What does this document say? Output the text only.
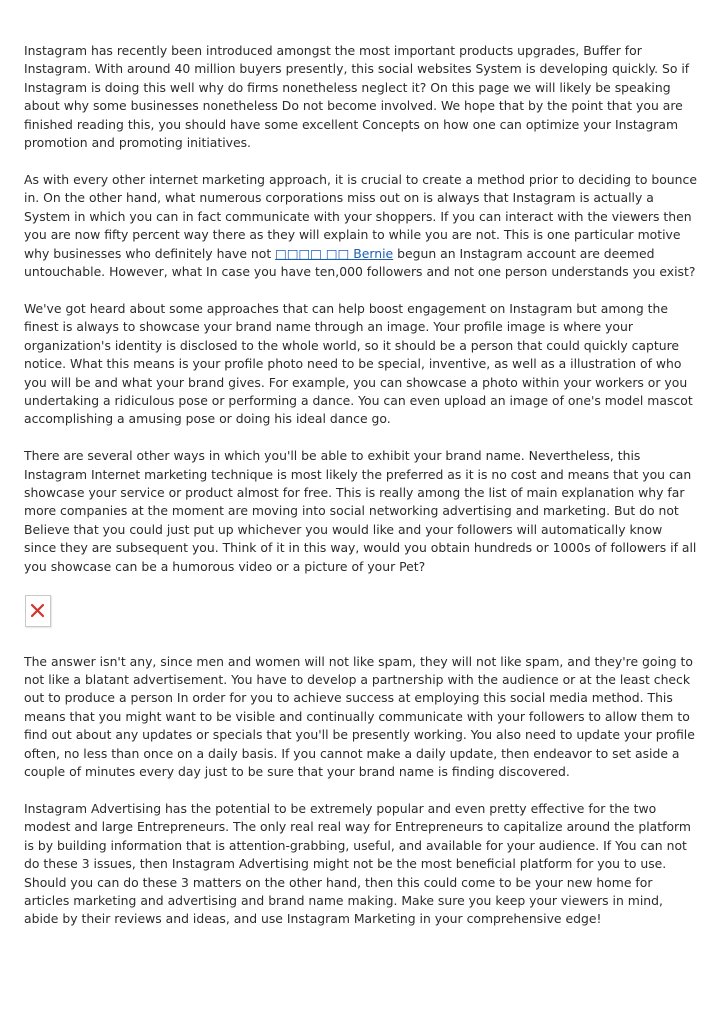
Instagram has recently been introduced amongst the most important products upgrades, Buffer for Instagram. With around 40 million buyers presently, this social websites System is developing quickly. So if Instagram is doing this well why do firms nonetheless neglect it? On this page we will likely be speaking about why some businesses nonetheless Do not become involved. We hope that by the point that you are finished reading this, you should have some excellent Concepts on how one can optimize your Instagram promotion and promoting initiatives.

As with every other internet marketing approach, it is crucial to create a method prior to deciding to bounce in. On the other hand, what numerous corporations miss out on is always that Instagram is actually a System in which you can in fact communicate with your shoppers. If you can interact with the viewers then you are now fifty percent way there as they will explain to while you are not. This is one particular motive why businesses who definitely have not □□□□ □□ Bernie begun an Instagram account are deemed untouchable. However, what In case you have ten,000 followers and not one person understands you exist?

We've got heard about some approaches that can help boost engagement on Instagram but among the finest is always to showcase your brand name through an image. Your profile image is where your organization's identity is disclosed to the whole world, so it should be a person that could quickly capture notice. What this means is your profile photo need to be special, inventive, as well as a illustration of who you will be and what your brand gives. For example, you can showcase a photo within your workers or you undertaking a ridiculous pose or performing a dance. You can even upload an image of one's model mascot accomplishing a amusing pose or doing his ideal dance go.

There are several other ways in which you'll be able to exhibit your brand name. Nevertheless, this Instagram Internet marketing technique is most likely the preferred as it is no cost and means that you can showcase your service or product almost for free. This is really among the list of main explanation why far more companies at the moment are moving into social networking advertising and marketing. But do not Believe that you could just put up whichever you would like and your followers will automatically know since they are subsequent you. Think of it in this way, would you obtain hundreds or 1000s of followers if all you showcase can be a humorous video or a picture of your Pet?

The answer isn't any, since men and women will not like spam, they will not like spam, and they're going to not like a blatant advertisement. You have to develop a partnership with the audience or at the least check out to produce a person In order for you to achieve success at employing this social media method. This means that you might want to be visible and continually communicate with your followers to allow them to find out about any updates or specials that you'll be presently working. You also need to update your profile often, no less than once on a daily basis. If you cannot make a daily update, then endeavor to set aside a couple of minutes every day just to be sure that your brand name is finding discovered.

Instagram Advertising has the potential to be extremely popular and even pretty effective for the two modest and large Entrepreneurs. The only real real way for Entrepreneurs to capitalize around the platform is by building information that is attention-grabbing, useful, and available for your audience. If You can not do these 3 issues, then Instagram Advertising might not be the most beneficial platform for you to use. Should you can do these 3 matters on the other hand, then this could come to be your new home for articles marketing and advertising and brand name making. Make sure you keep your viewers in mind, abide by their reviews and ideas, and use Instagram Marketing in your comprehensive edge!
